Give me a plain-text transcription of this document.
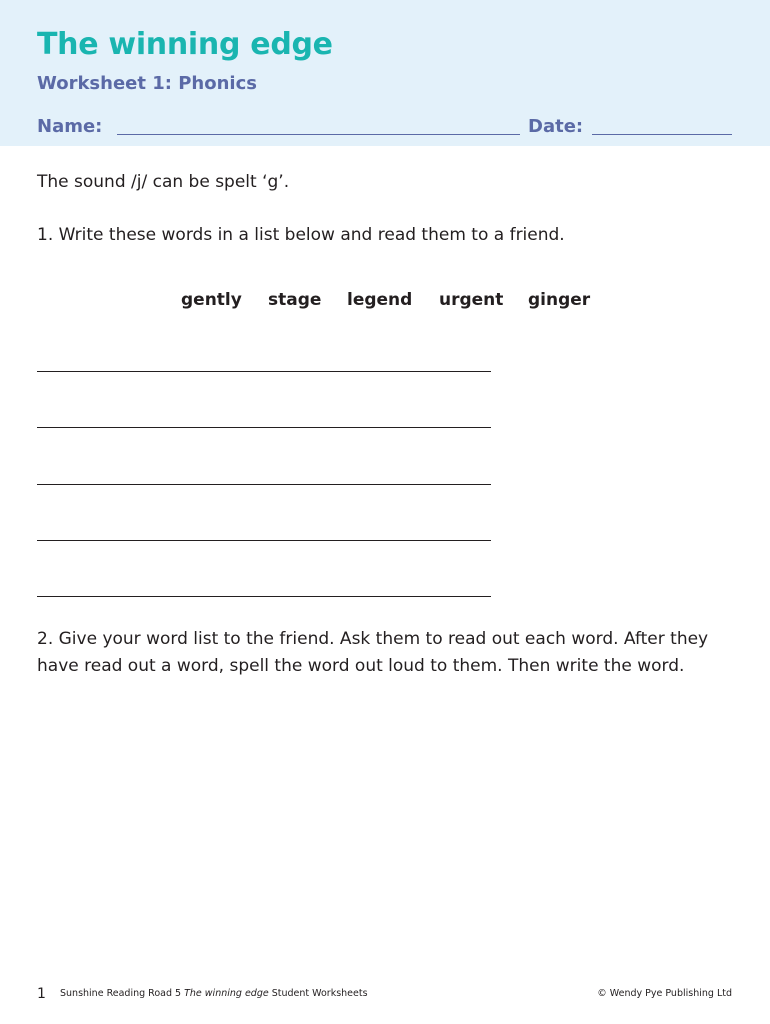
The winning edge
Worksheet 1: Phonics
Name:	Date:
The sound /j/ can be spelt ‘g’.
1. Write these words in a list below and read them to a friend.
gently stage legend urgent ginger

2. Give your word list to the friend. Ask them to read out each word. After they have read out a word, spell the word out loud to them. Then write the word.

1 Sunshine Reading Road 5 The winning edge Student Worksheets	© Wendy Pye Publishing Ltd
